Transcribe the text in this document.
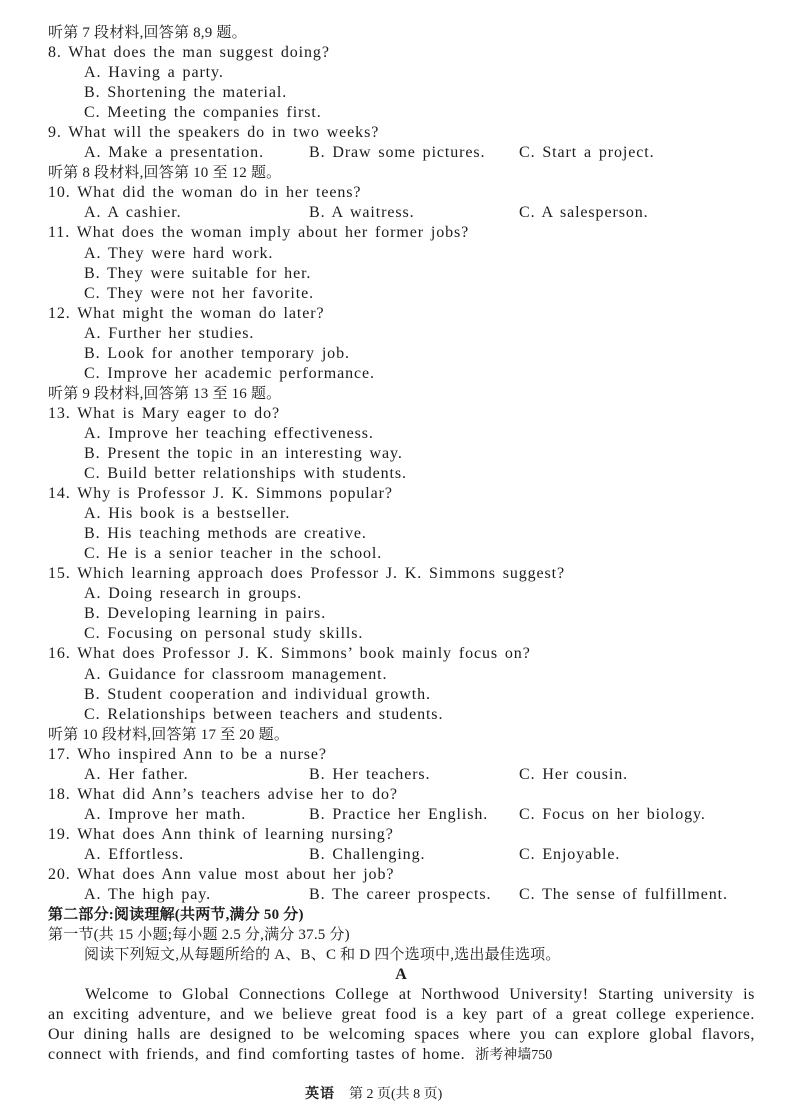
听第 7 段材料,回答第 8,9 题。
8. What does the man suggest doing?
A. Having a party.
B. Shortening the material.
C. Meeting the companies first.
9. What will the speakers do in two weeks?
A. Make a presentation.	B. Draw some pictures. C. Start a project.
听第 8 段材料,回答第 10 至 12 题。
10. What did the woman do in her teens?
A. A cashier.	B. A waitress.	C. A salesperson.
11. What does the woman imply about her former jobs?
A. They were hard work.
B. They were suitable for her.
C. They were not her favorite.
12. What might the woman do later?
A. Further her studies.
B. Look for another temporary job.
C. Improve her academic performance.
听第 9 段材料,回答第 13 至 16 题。
13. What is Mary eager to do?
A. Improve her teaching effectiveness.
B. Present the topic in an interesting way.
C. Build better relationships with students.
14. Why is Professor J. K. Simmons popular?
A. His book is a bestseller.
B. His teaching methods are creative.
C. He is a senior teacher in the school.
15. Which learning approach does Professor J. K. Simmons suggest?
A. Doing research in groups.
B. Developing learning in pairs.
C. Focusing on personal study skills.
16. What does Professor J. K. Simmons’ book mainly focus on?
A. Guidance for classroom management.
B. Student cooperation and individual growth.
C. Relationships between teachers and students.
听第 10 段材料,回答第 17 至 20 题。
17. Who inspired Ann to be a nurse?
A. Her father.	B. Her teachers.	C. Her cousin.
18. What did Ann’s teachers advise her to do?
A. Improve her math.	B. Practice her English. C. Focus on her biology.
19. What does Ann think of learning nursing?
A. Effortless.	B. Challenging.	C. Enjoyable.
20. What does Ann value most about her job?
A. The high pay.	B. The career prospects. C. The sense of fulfillment.
第二部分:阅读理解(共两节,满分 50 分)
第一节(共 15 小题;每小题 2.5 分,满分 37.5 分)
阅读下列短文,从每题所给的 A、B、C 和 D 四个选项中,选出最佳选项。
A
Welcome to Global Connections College at Northwood University! Starting university is
an exciting adventure, and we believe great food is a key part of a great college experience.
Our dining halls are designed to be welcoming spaces where you can explore global flavors,
connect with friends, and find comforting tastes of home. 浙考神墙750
英语 第 2 页(共 8 页)
